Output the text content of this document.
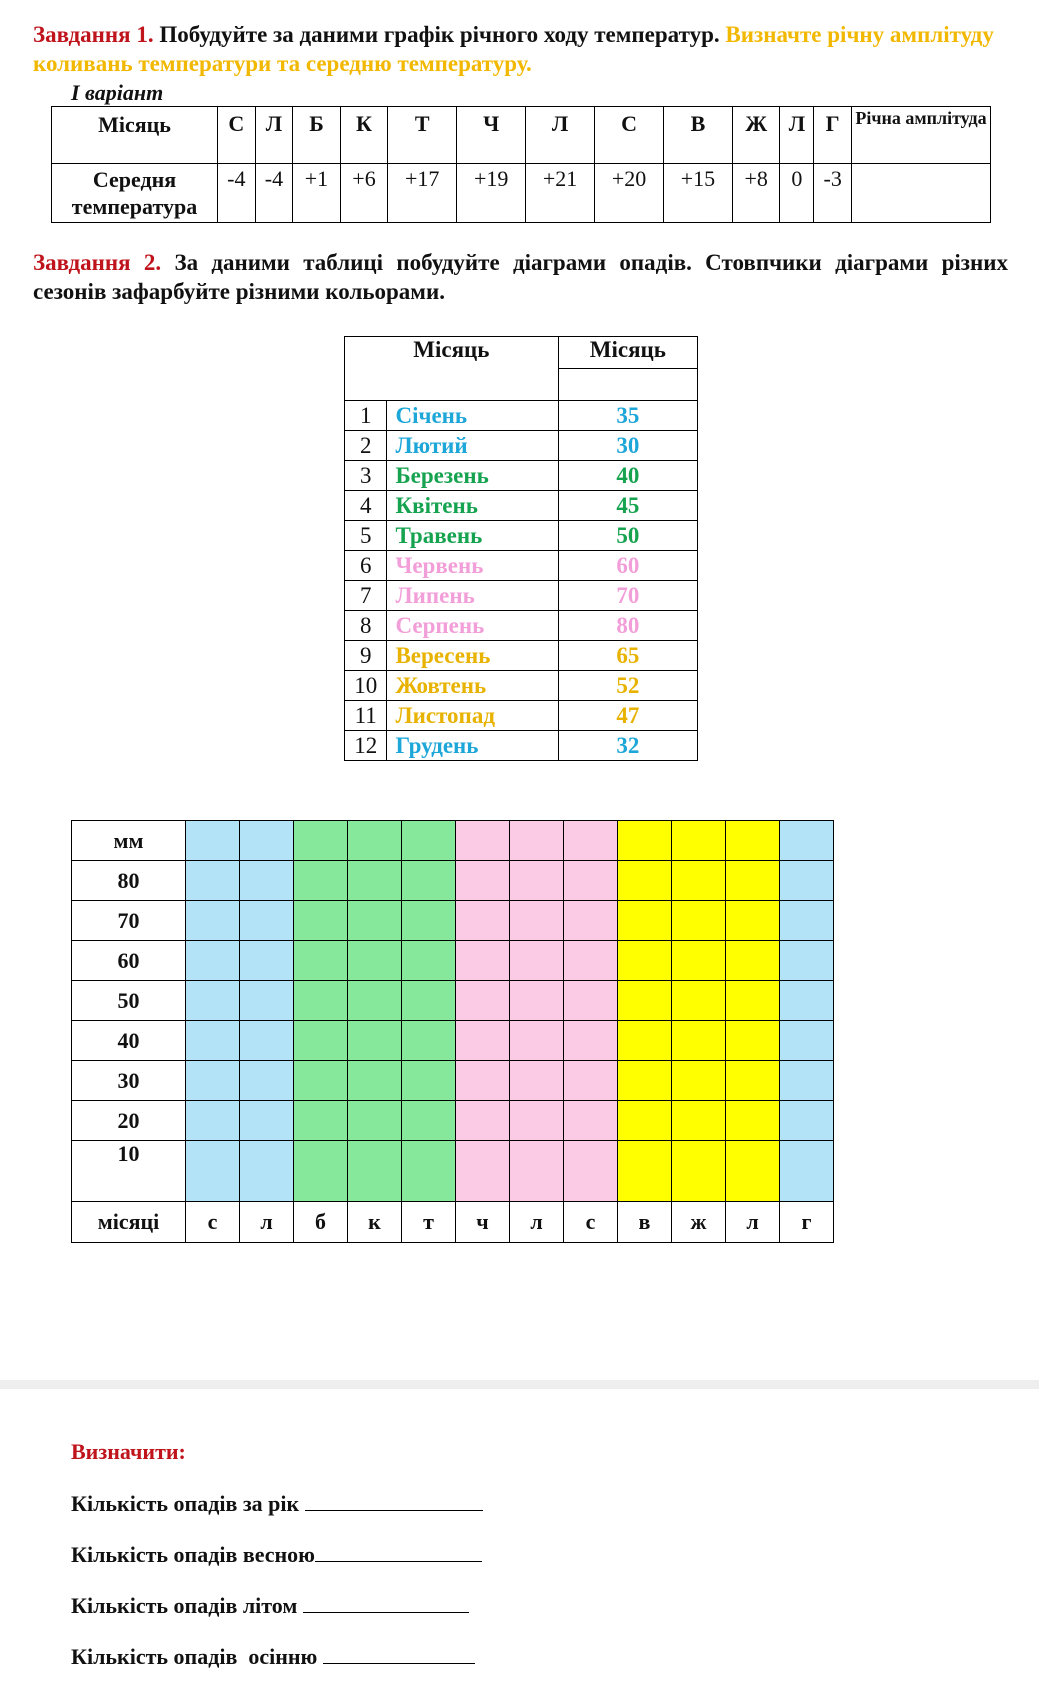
Завдання 1. Побудуйте за даними графік річного ходу температур. Визначте річну амплітуду коливань температури та середню температуру.
I варіант
Місяць	С	Л	Б	К	Т	Ч	Л	С	В	Ж	Л	Г	Річна амплітуда
Середня
температура	-4	-4	+1	+6	+17	+19	+21	+20	+15	+8	0	-3	
Завдання 2. За даними таблиці побудуйте діаграми опадів. Стовпчики діаграми різних сезонів зафарбуйте різними кольорами.
Місяць		Місяць

1	Січень	35
2	Лютий	30
3	Березень	40
4	Квітень	45
5	Травень	50
6	Червень	60
7	Липень	70
8	Серпень	80
9	Вересень	65
10	Жовтень	52
11	Листопад	47
12	Грудень	32
мм												
80												
70												
60												
50												
40												
30												
20												
10												
місяці	с	л	б	к	т	ч	л	с	в	ж	л	г
Визначити:
Кількість опадів за рік
Кількість опадів весною
Кількість опадів літом
Кількість опадів  осінню
